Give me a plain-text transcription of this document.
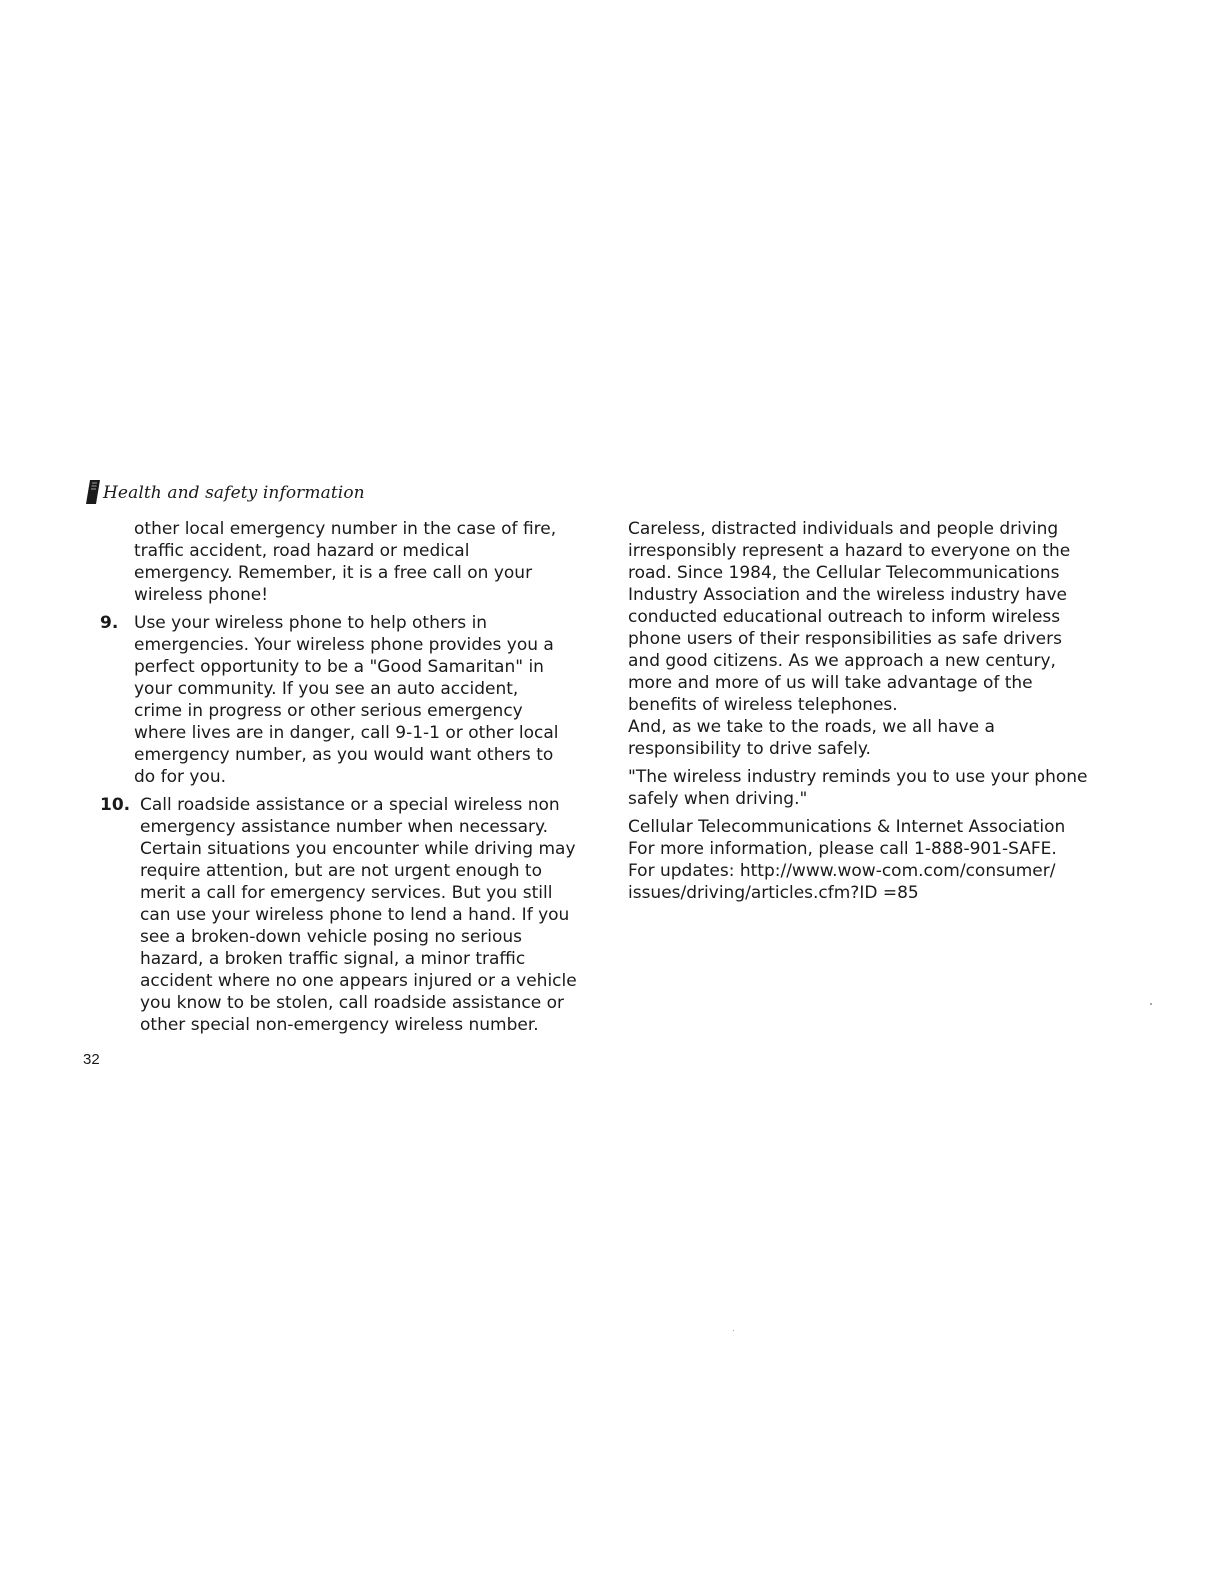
Health and safety information

other local emergency number in the case of fire,
traffic accident, road hazard or medical
emergency. Remember, it is a free call on your
wireless phone!

9. Use your wireless phone to help others in
emergencies. Your wireless phone provides you a
perfect opportunity to be a "Good Samaritan" in
your community. If you see an auto accident,
crime in progress or other serious emergency
where lives are in danger, call 9-1-1 or other local
emergency number, as you would want others to
do for you.
10. Call roadside assistance or a special wireless non
emergency assistance number when necessary.
Certain situations you encounter while driving may
require attention, but are not urgent enough to
merit a call for emergency services. But you still
can use your wireless phone to lend a hand. If you
see a broken-down vehicle posing no serious
hazard, a broken traffic signal, a minor traffic
accident where no one appears injured or a vehicle
you know to be stolen, call roadside assistance or
other special non-emergency wireless number.

Careless, distracted individuals and people driving
irresponsibly represent a hazard to everyone on the
road. Since 1984, the Cellular Telecommunications
Industry Association and the wireless industry have
conducted educational outreach to inform wireless
phone users of their responsibilities as safe drivers
and good citizens. As we approach a new century,
more and more of us will take advantage of the
benefits of wireless telephones.
And, as we take to the roads, we all have a
responsibility to drive safely.

"The wireless industry reminds you to use your phone
safely when driving."

Cellular Telecommunications & Internet Association
For more information, please call 1-888-901-SAFE.
For updates: http://www.wow-com.com/consumer/
issues/driving/articles.cfm?ID =85

32
